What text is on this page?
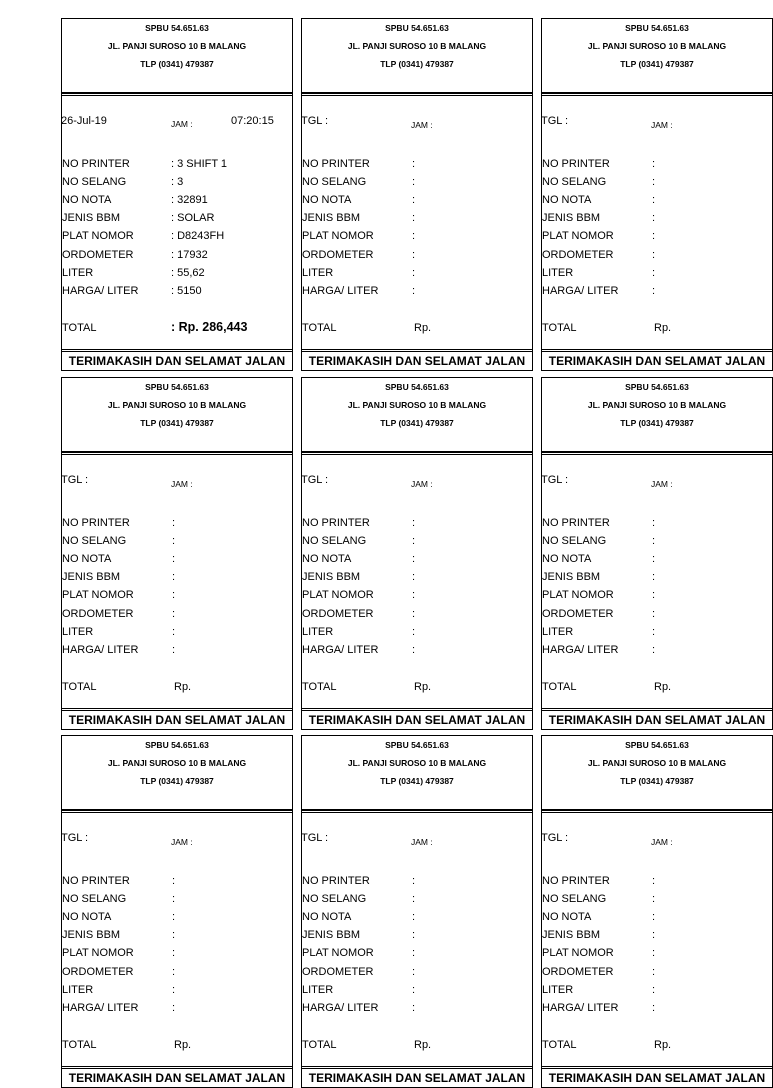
SPBU 54.651.63
JL. PANJI SUROSO 10 B MALANG
TLP (0341) 479387
26-Jul-19	JAM :	07:20:15
NO PRINTER	: 3 SHIFT 1
NO SELANG	: 3
NO NOTA	: 32891
JENIS BBM	: SOLAR
PLAT NOMOR	: D8243FH
ORDOMETER	: 17932
LITER	: 55,62
HARGA/ LITER	: 5150
TOTAL	: Rp. 286,443
TERIMAKASIH DAN SELAMAT JALAN
SPBU 54.651.63
JL. PANJI SUROSO 10 B MALANG
TLP (0341) 479387
TGL :	JAM :
NO PRINTER	:
NO SELANG	:
NO NOTA	:
JENIS BBM	:
PLAT NOMOR	:
ORDOMETER	:
LITER	:
HARGA/ LITER	:
TOTAL	Rp.
TERIMAKASIH DAN SELAMAT JALAN
SPBU 54.651.63
JL. PANJI SUROSO 10 B MALANG
TLP (0341) 479387
TGL :	JAM :
NO PRINTER	:
NO SELANG	:
NO NOTA	:
JENIS BBM	:
PLAT NOMOR	:
ORDOMETER	:
LITER	:
HARGA/ LITER	:
TOTAL	Rp.
TERIMAKASIH DAN SELAMAT JALAN
SPBU 54.651.63
JL. PANJI SUROSO 10 B MALANG
TLP (0341) 479387
TGL :	JAM :
NO PRINTER	:
NO SELANG	:
NO NOTA	:
JENIS BBM	:
PLAT NOMOR	:
ORDOMETER	:
LITER	:
HARGA/ LITER	:
TOTAL	Rp.
TERIMAKASIH DAN SELAMAT JALAN
SPBU 54.651.63
JL. PANJI SUROSO 10 B MALANG
TLP (0341) 479387
TGL :	JAM :
NO PRINTER	:
NO SELANG	:
NO NOTA	:
JENIS BBM	:
PLAT NOMOR	:
ORDOMETER	:
LITER	:
HARGA/ LITER	:
TOTAL	Rp.
TERIMAKASIH DAN SELAMAT JALAN
SPBU 54.651.63
JL. PANJI SUROSO 10 B MALANG
TLP (0341) 479387
TGL :	JAM :
NO PRINTER	:
NO SELANG	:
NO NOTA	:
JENIS BBM	:
PLAT NOMOR	:
ORDOMETER	:
LITER	:
HARGA/ LITER	:
TOTAL	Rp.
TERIMAKASIH DAN SELAMAT JALAN
SPBU 54.651.63
JL. PANJI SUROSO 10 B MALANG
TLP (0341) 479387
TGL :	JAM :
NO PRINTER	:
NO SELANG	:
NO NOTA	:
JENIS BBM	:
PLAT NOMOR	:
ORDOMETER	:
LITER	:
HARGA/ LITER	:
TOTAL	Rp.
TERIMAKASIH DAN SELAMAT JALAN
SPBU 54.651.63
JL. PANJI SUROSO 10 B MALANG
TLP (0341) 479387
TGL :	JAM :
NO PRINTER	:
NO SELANG	:
NO NOTA	:
JENIS BBM	:
PLAT NOMOR	:
ORDOMETER	:
LITER	:
HARGA/ LITER	:
TOTAL	Rp.
TERIMAKASIH DAN SELAMAT JALAN
SPBU 54.651.63
JL. PANJI SUROSO 10 B MALANG
TLP (0341) 479387
TGL :	JAM :
NO PRINTER	:
NO SELANG	:
NO NOTA	:
JENIS BBM	:
PLAT NOMOR	:
ORDOMETER	:
LITER	:
HARGA/ LITER	:
TOTAL	Rp.
TERIMAKASIH DAN SELAMAT JALAN
